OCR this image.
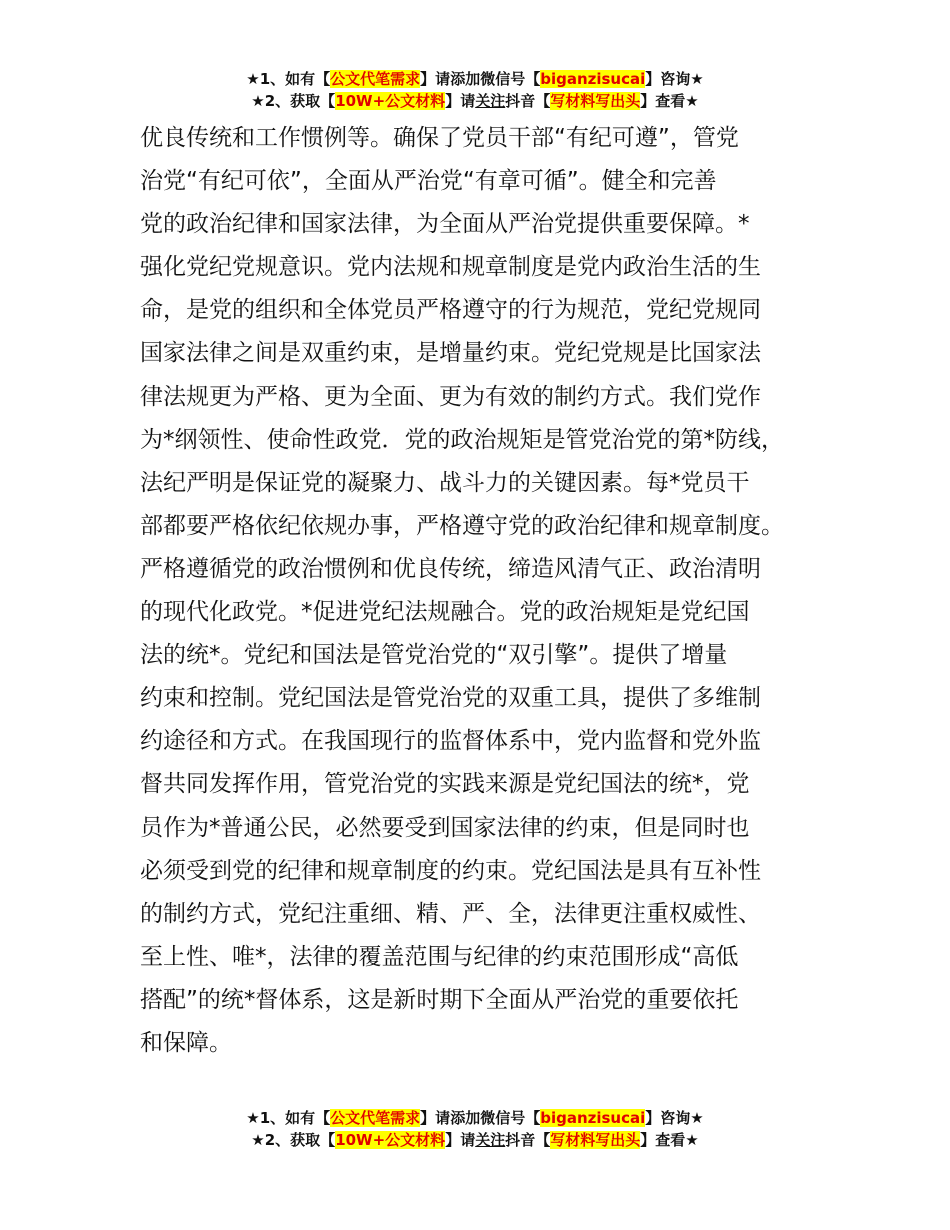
★1、如有【公文代笔需求】请添加微信号【biganzisucai】咨询★
★2、获取【10W+公文材料】请关注抖音【写材料写出头】查看★
优良传统和工作惯例等。确保了党员干部“有纪可遵”，管党
治党“有纪可依”，全面从严治党“有章可循”。健全和完善
党的政治纪律和国家法律，为全面从严治党提供重要保障。*
强化党纪党规意识。党内法规和规章制度是党内政治生活的生
命，是党的组织和全体党员严格遵守的行为规范，党纪党规同
国家法律之间是双重约束，是增量约束。党纪党规是比国家法
律法规更为严格、更为全面、更为有效的制约方式。我们党作
为*纲领性、使命性政党．党的政治规矩是管党治党的第*防线，
法纪严明是保证党的凝聚力、战斗力的关键因素。每*党员干
部都要严格依纪依规办事，严格遵守党的政治纪律和规章制度。
严格遵循党的政治惯例和优良传统，缔造风清气正、政治清明
的现代化政党。*促进党纪法规融合。党的政治规矩是党纪国
法的统*。党纪和国法是管党治党的“双引擎”。提供了增量
约束和控制。党纪国法是管党治党的双重工具，提供了多维制
约途径和方式。在我国现行的监督体系中，党内监督和党外监
督共同发挥作用，管党治党的实践来源是党纪国法的统*，党
员作为*普通公民，必然要受到国家法律的约束，但是同时也
必须受到党的纪律和规章制度的约束。党纪国法是具有互补性
的制约方式，党纪注重细、精、严、全，法律更注重权威性、
至上性、唯*，法律的覆盖范围与纪律的约束范围形成“高低
搭配”的统*督体系，这是新时期下全面从严治党的重要依托
和保障。
★1、如有【公文代笔需求】请添加微信号【biganzisucai】咨询★
★2、获取【10W+公文材料】请关注抖音【写材料写出头】查看★
